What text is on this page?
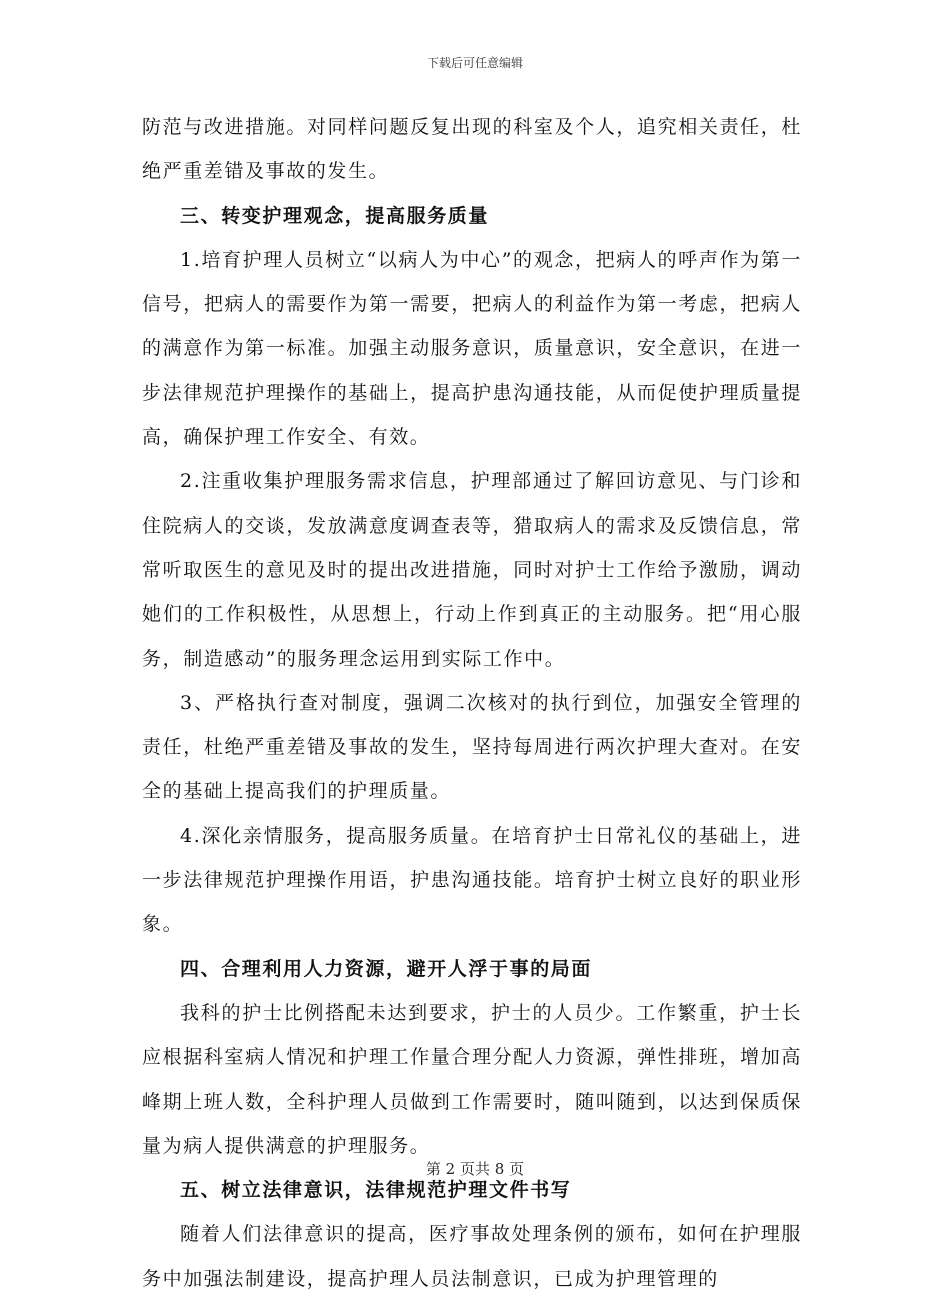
下载后可任意编辑

防范与改进措施。对同样问题反复出现的科室及个人，追究相关责任，杜绝严重差错及事故的发生。

三、转变护理观念，提高服务质量

1.培育护理人员树立“以病人为中心”的观念，把病人的呼声作为第一信号，把病人的需要作为第一需要，把病人的利益作为第一考虑，把病人的满意作为第一标准。加强主动服务意识，质量意识，安全意识，在进一步法律规范护理操作的基础上，提高护患沟通技能，从而促使护理质量提高，确保护理工作安全、有效。

2.注重收集护理服务需求信息，护理部通过了解回访意见、与门诊和住院病人的交谈，发放满意度调查表等，猎取病人的需求及反馈信息，常常听取医生的意见及时的提出改进措施，同时对护士工作给予激励，调动她们的工作积极性，从思想上，行动上作到真正的主动服务。把“用心服务，制造感动”的服务理念运用到实际工作中。

3、严格执行查对制度，强调二次核对的执行到位，加强安全管理的责任，杜绝严重差错及事故的发生，坚持每周进行两次护理大查对。在安全的基础上提高我们的护理质量。

4.深化亲情服务，提高服务质量。在培育护士日常礼仪的基础上，进一步法律规范护理操作用语，护患沟通技能。培育护士树立良好的职业形象。

四、合理利用人力资源，避开人浮于事的局面

我科的护士比例搭配未达到要求，护士的人员少。工作繁重，护士长应根据科室病人情况和护理工作量合理分配人力资源，弹性排班，增加高峰期上班人数，全科护理人员做到工作需要时，随叫随到，以达到保质保量为病人提供满意的护理服务。

五、树立法律意识，法律规范护理文件书写

随着人们法律意识的提高，医疗事故处理条例的颁布，如何在护理服务中加强法制建设，提高护理人员法制意识，已成为护理管理的

第 2 页共 8 页
